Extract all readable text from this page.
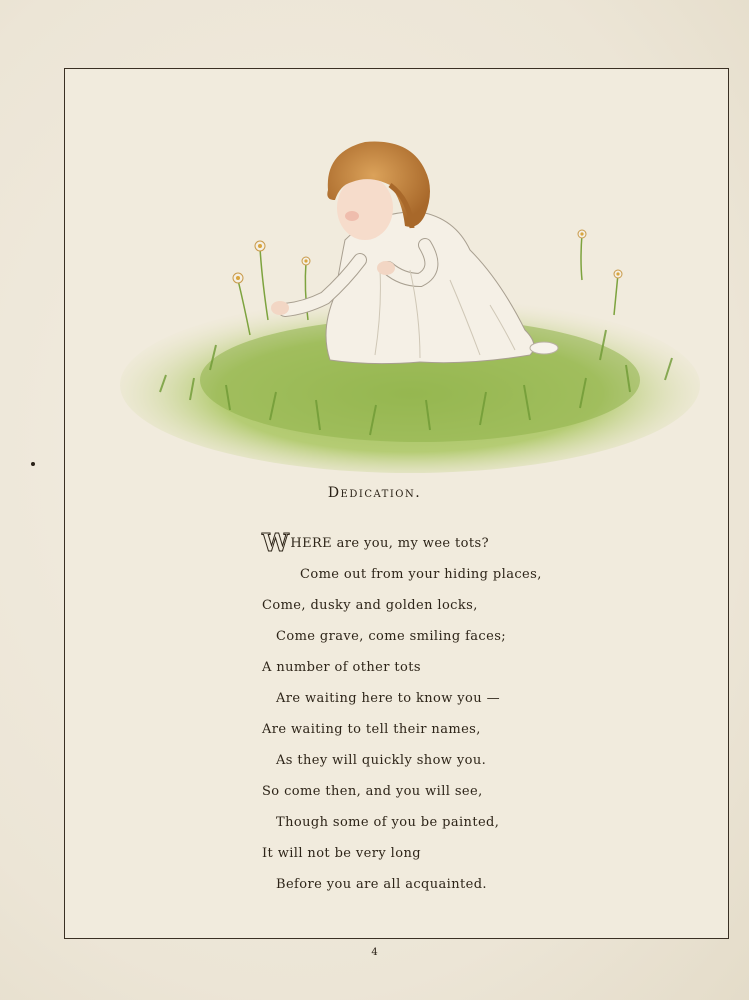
Dedication.
WHERE are you, my wee tots?
Come out from your hiding places,
Come, dusky and golden locks,
Come grave, come smiling faces;
A number of other tots
Are waiting here to know you —
Are waiting to tell their names,
As they will quickly show you.
So come then, and you will see,
Though some of you be painted,
It will not be very long
Before you are all acquainted.
4
